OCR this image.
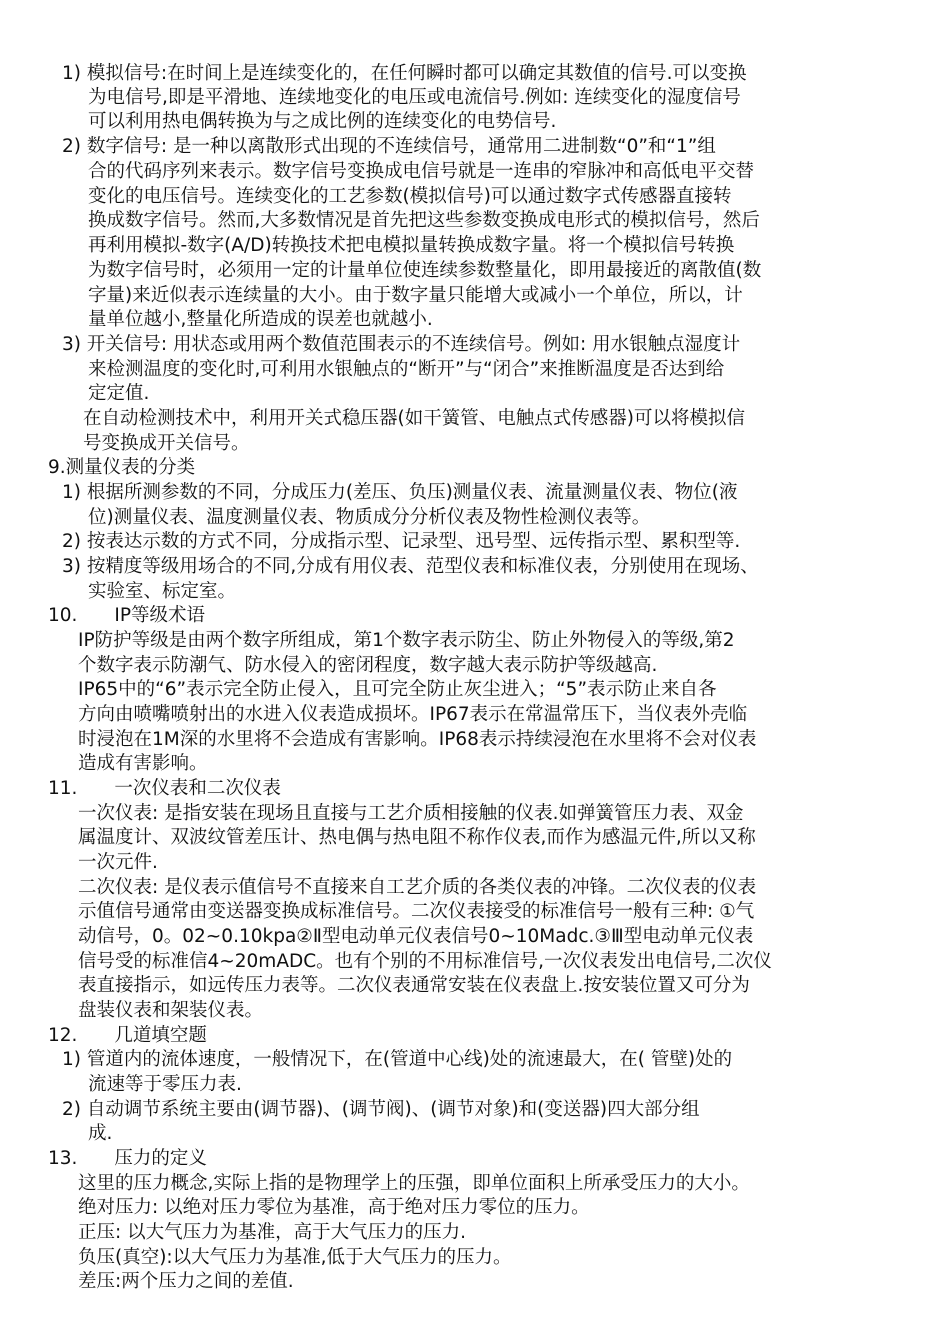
1) 模拟信号:在时间上是连续变化的，在任何瞬时都可以确定其数值的信号.可以变换
为电信号,即是平滑地、连续地变化的电压或电流信号.例如: 连续变化的湿度信号
可以利用热电偶转换为与之成比例的连续变化的电势信号.
2) 数字信号: 是一种以离散形式出现的不连续信号，通常用二进制数“0”和“1”组
合的代码序列来表示。数字信号变换成电信号就是一连串的窄脉冲和高低电平交替
变化的电压信号。连续变化的工艺参数(模拟信号)可以通过数字式传感器直接转
换成数字信号。然而,大多数情况是首先把这些参数变换成电形式的模拟信号，然后
再利用模拟-数字(A/D)转换技术把电模拟量转换成数字量。将一个模拟信号转换
为数字信号时，必须用一定的计量单位使连续参数整量化，即用最接近的离散值(数
字量)来近似表示连续量的大小。由于数字量只能增大或减小一个单位，所以，计
量单位越小,整量化所造成的误差也就越小.
3) 开关信号: 用状态或用两个数值范围表示的不连续信号。例如: 用水银触点湿度计
来检测温度的变化时,可利用水银触点的“断开”与“闭合”来推断温度是否达到给
定定值.
在自动检测技术中，利用开关式稳压器(如干簧管、电触点式传感器)可以将模拟信
号变换成开关信号。
9.测量仪表的分类
1) 根据所测参数的不同，分成压力(差压、负压)测量仪表、流量测量仪表、物位(液
位)测量仪表、温度测量仪表、物质成分分析仪表及物性检测仪表等。
2) 按表达示数的方式不同，分成指示型、记录型、迅号型、远传指示型、累积型等.
3) 按精度等级用场合的不同,分成有用仪表、范型仪表和标准仪表，分别使用在现场、
实验室、标定室。
10.　　IP等级术语
IP防护等级是由两个数字所组成，第1个数字表示防尘、防止外物侵入的等级,第2
个数字表示防潮气、防水侵入的密闭程度，数字越大表示防护等级越高.
IP65中的“6”表示完全防止侵入，且可完全防止灰尘进入；“5”表示防止来自各
方向由喷嘴喷射出的水进入仪表造成损坏。IP67表示在常温常压下，当仪表外壳临
时浸泡在1M深的水里将不会造成有害影响。IP68表示持续浸泡在水里将不会对仪表
造成有害影响。
11.　　一次仪表和二次仪表
一次仪表: 是指安装在现场且直接与工艺介质相接触的仪表.如弹簧管压力表、双金
属温度计、双波纹管差压计、热电偶与热电阻不称作仪表,而作为感温元件,所以又称
一次元件.
二次仪表: 是仪表示值信号不直接来自工艺介质的各类仪表的冲锋。二次仪表的仪表
示值信号通常由变送器变换成标准信号。二次仪表接受的标准信号一般有三种: ①气
动信号，0。02~0.10kpa②Ⅱ型电动单元仪表信号0~10Madc.③Ⅲ型电动单元仪表
信号受的标准信4~20mADC。也有个别的不用标准信号,一次仪表发出电信号,二次仪
表直接指示，如远传压力表等。二次仪表通常安装在仪表盘上.按安装位置又可分为
盘装仪表和架装仪表。
12.　　几道填空题
1) 管道内的流体速度，一般情况下，在(管道中心线)处的流速最大，在( 管壁)处的
流速等于零压力表.
2) 自动调节系统主要由(调节器)、(调节阀)、(调节对象)和(变送器)四大部分组
成.
13.　　压力的定义
这里的压力概念,实际上指的是物理学上的压强，即单位面积上所承受压力的大小。
绝对压力: 以绝对压力零位为基准，高于绝对压力零位的压力。
正压: 以大气压力为基准，高于大气压力的压力.
负压(真空):以大气压力为基准,低于大气压力的压力。
差压:两个压力之间的差值.
